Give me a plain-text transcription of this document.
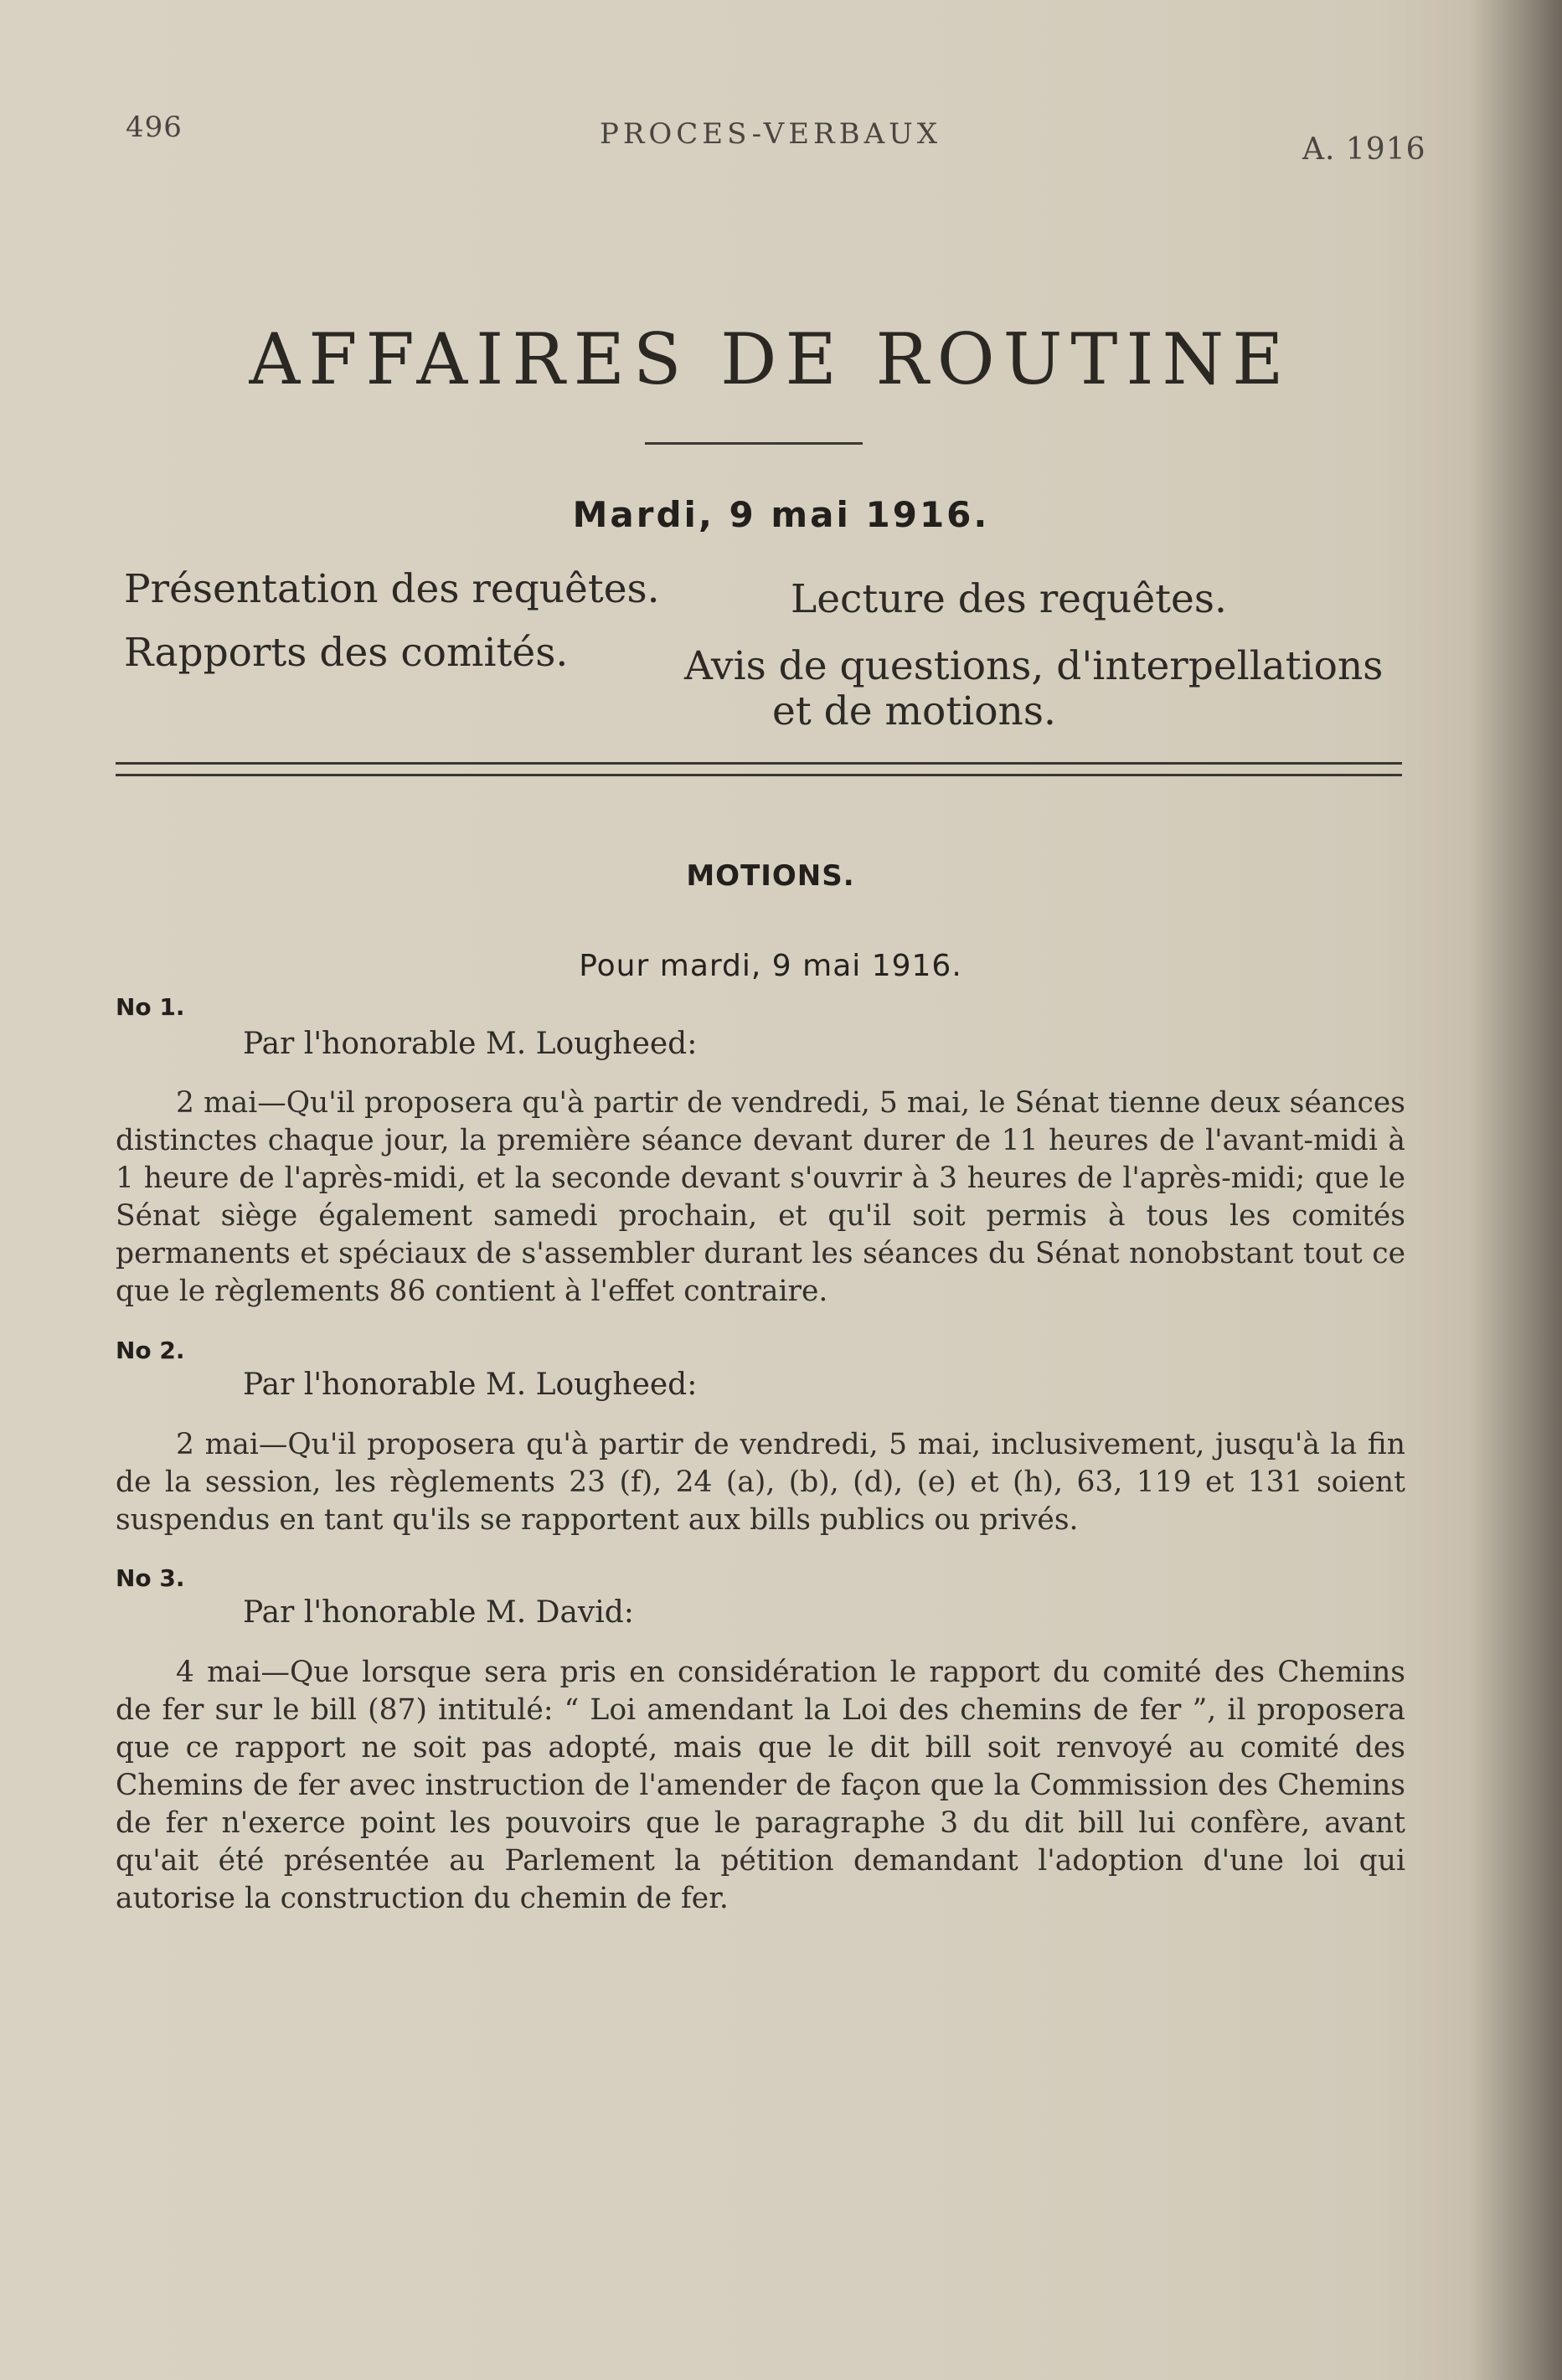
496	PROCES-VERBAUX	A. 1916
AFFAIRES DE ROUTINE
Mardi, 9 mai 1916.
Présentation des requêtes.	Lecture des requêtes.
Rapports des comités.	Avis de questions, d'interpellations
et de motions.
MOTIONS.
Pour mardi, 9 mai 1916.
No 1.
Par l'honorable M. Lougheed:
2 mai—Qu'il proposera qu'à partir de vendredi, 5 mai, le Sénat tienne deux séances distinctes chaque jour, la première séance devant durer de 11 heures de l'avant-midi à 1 heure de l'après-midi, et la seconde devant s'ouvrir à 3 heures de l'après-midi; que le Sénat siège également samedi prochain, et qu'il soit permis à tous les comités permanents et spéciaux de s'assembler durant les séances du Sénat nonobstant tout ce que le règlements 86 contient à l'effet contraire.
No 2.
Par l'honorable M. Lougheed:
2 mai—Qu'il proposera qu'à partir de vendredi, 5 mai, inclusivement, jusqu'à la fin de la session, les règlements 23 (f), 24 (a), (b), (d), (e) et (h), 63, 119 et 131 soient suspendus en tant qu'ils se rapportent aux bills publics ou privés.
No 3.
Par l'honorable M. David:
4 mai—Que lorsque sera pris en considération le rapport du comité des Chemins de fer sur le bill (87) intitulé: “ Loi amendant la Loi des chemins de fer ”, il proposera que ce rapport ne soit pas adopté, mais que le dit bill soit renvoyé au comité des Chemins de fer avec instruction de l'amender de façon que la Commission des Chemins de fer n'exerce point les pouvoirs que le paragraphe 3 du dit bill lui confère, avant qu'ait été présentée au Parlement la pétition demandant l'adoption d'une loi qui autorise la construction du chemin de fer.
